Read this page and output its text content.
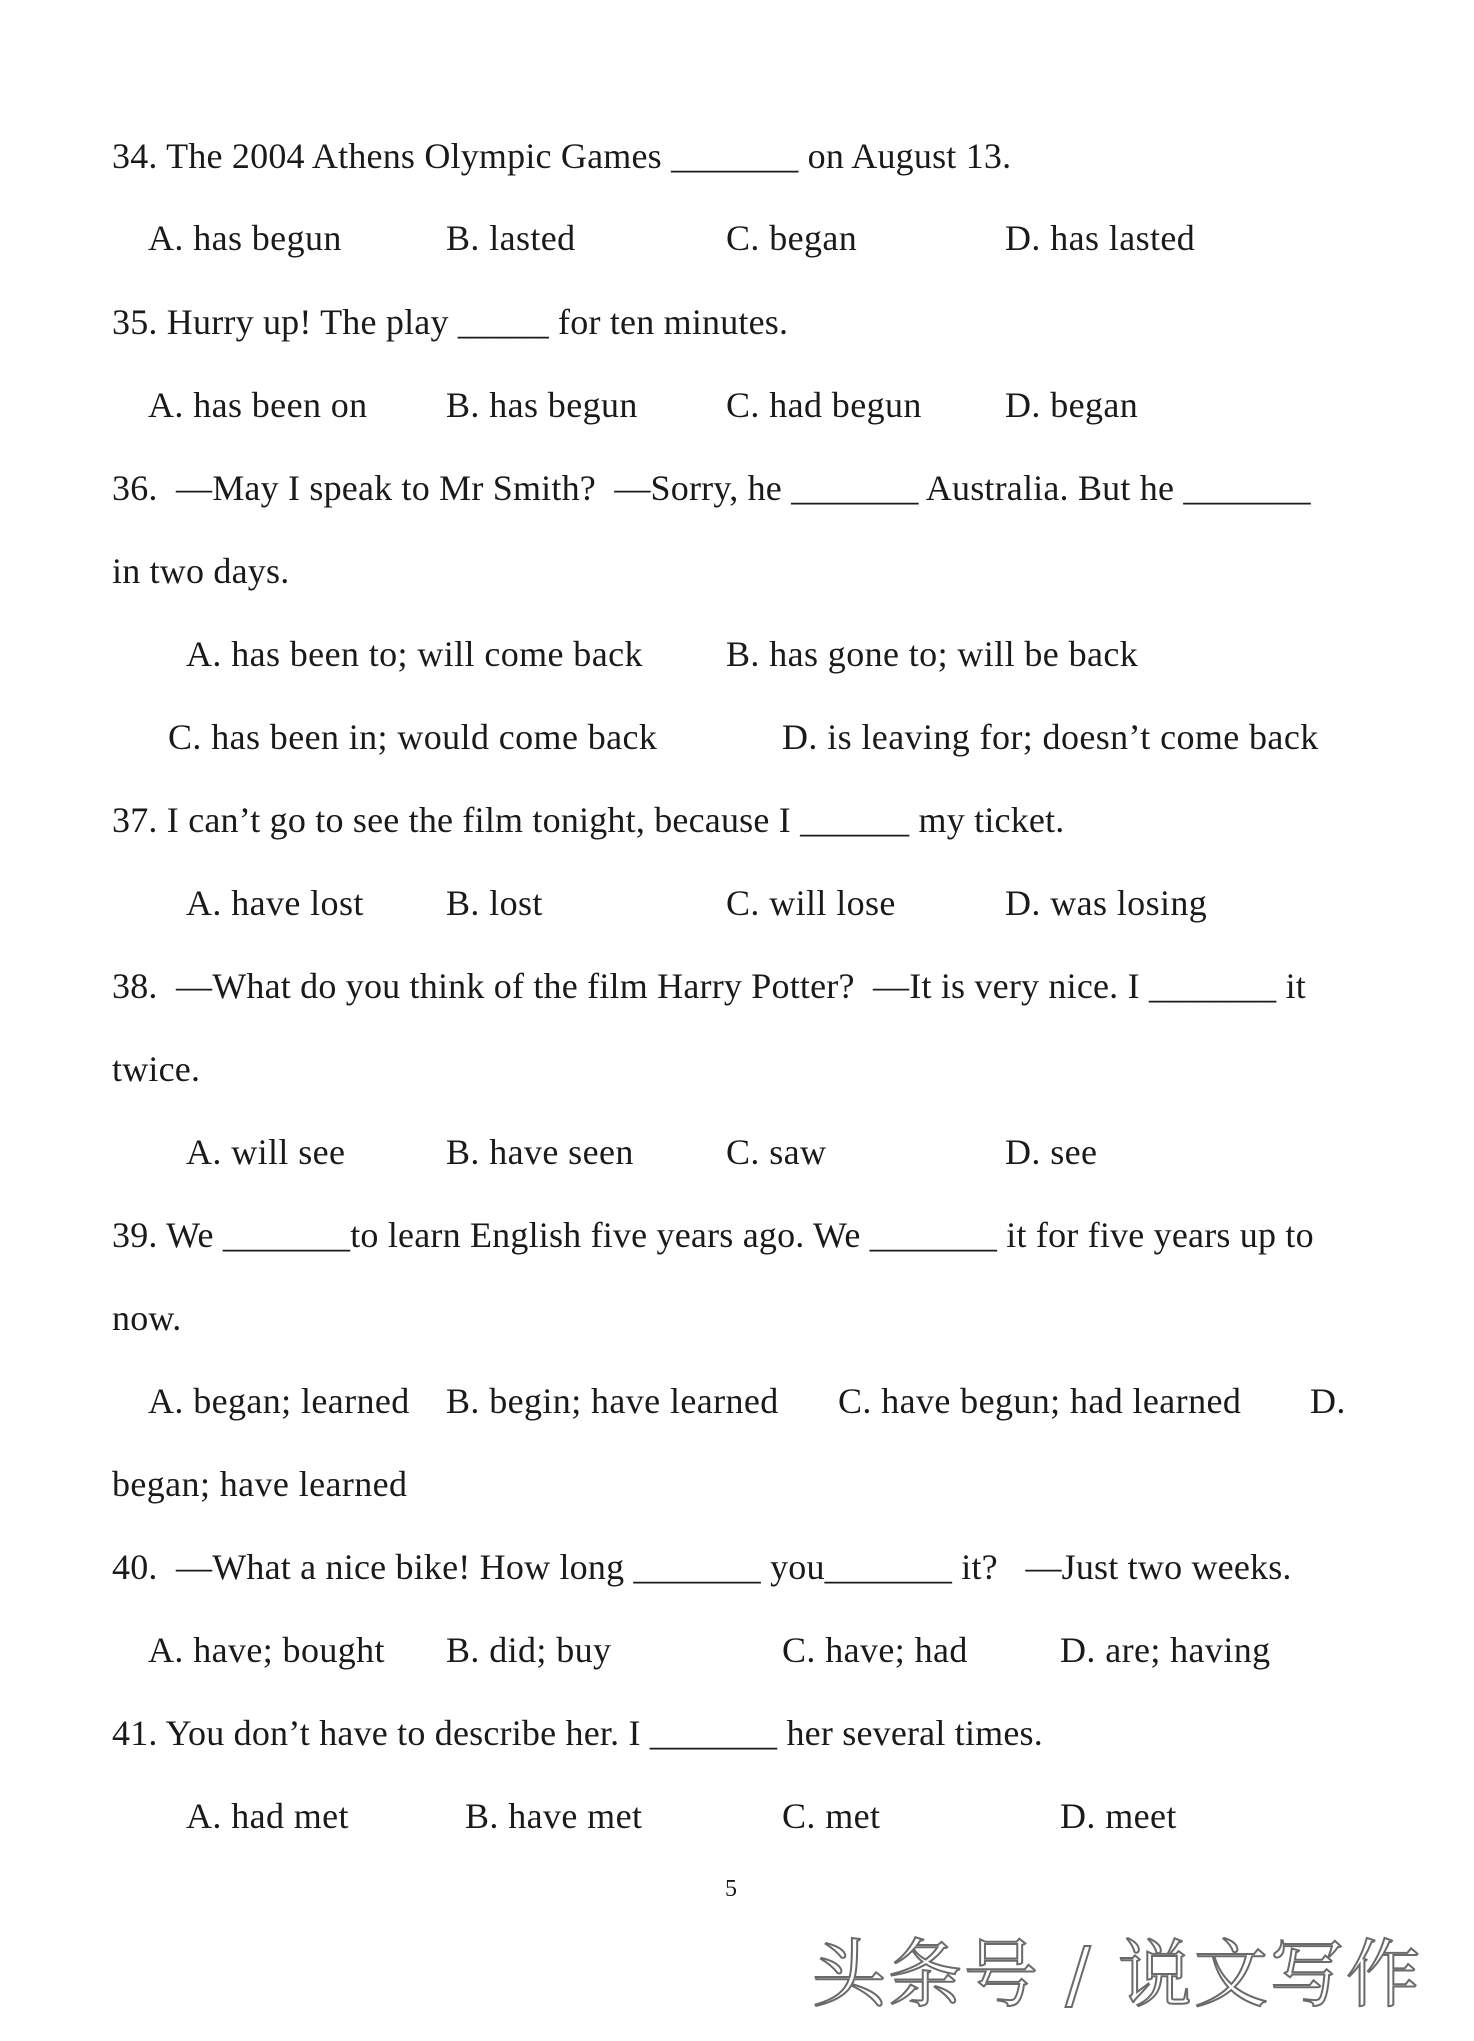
34. The 2004 Athens Olympic Games _______ on August 13.
A. has begun	B. lasted	C. began	D. has lasted
35. Hurry up! The play _____ for ten minutes.
A. has been on B. has begun C. had begun D. began
36.  —May I speak to Mr Smith?  —Sorry, he _______ Australia. But he _______
in two days.
A. has been to; will come back B. has gone to; will be back
C. has been in; would come back	D. is leaving for; doesn’t come back
37. I can’t go to see the film tonight, because I ______ my ticket.
A. have lost B. lost	C. will lose	D. was losing
38.  —What do you think of the film Harry Potter?  —It is very nice. I _______ it
twice.
A. will see	B. have seen	C. saw	D. see
39. We _______to learn English five years ago. We _______ it for five years up to
now.
A. began; learned B. begin; have learned C. have begun; had learned D.
began; have learned
40.  —What a nice bike! How long _______ you_______ it?   —Just two weeks.
A. have; bought B. did; buy	C. have; had	D. are; having
41. You don’t have to describe her. I _______ her several times.
A. had met	B. have met	C. met	D. meet
5
头条号 / 说文写作
